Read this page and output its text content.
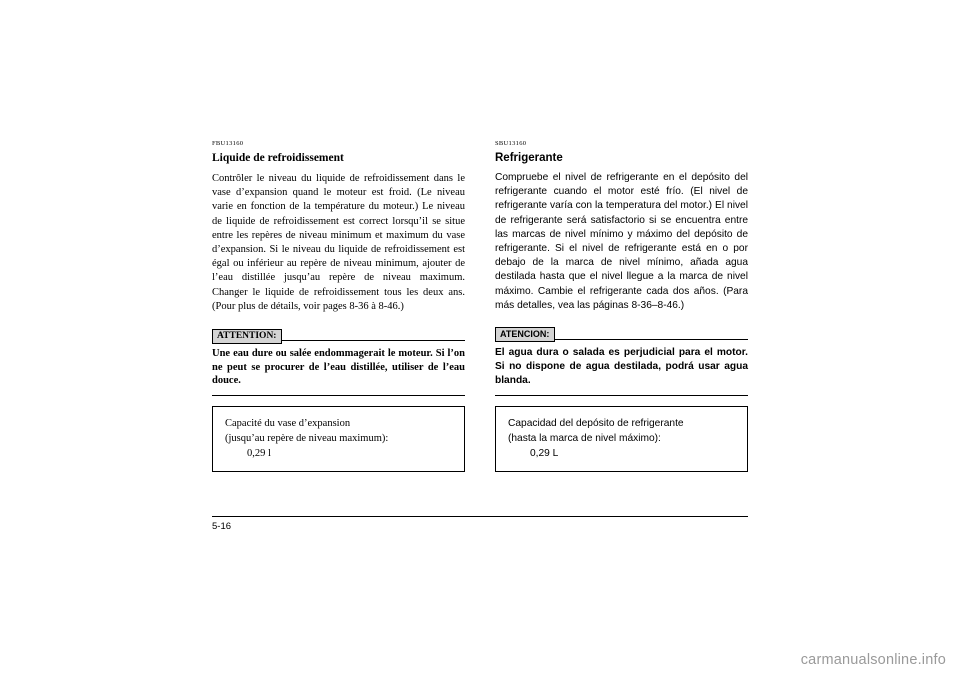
FBU13160
Liquide de refroidissement

Contrôler le niveau du liquide de refroidissement dans le vase d’expansion quand le moteur est froid. (Le niveau varie en fonction de la température du moteur.) Le niveau de liquide de refroidissement est correct lorsqu’il se situe entre les repères de niveau minimum et maximum du vase d’expansion. Si le niveau du liquide de refroidissement est égal ou inférieur au repère de niveau minimum, ajouter de l’eau distillée jusqu’au repère de niveau maximum. Changer le liquide de refroidissement tous les deux ans. (Pour plus de détails, voir pages 8-36 à 8-46.)

ATTENTION:

Une eau dure ou salée endommagerait le moteur. Si l’on ne peut se procurer de l’eau distillée, utiliser de l’eau douce.

Capacité du vase d’expansion
(jusqu’au repère de niveau maximum):
0,29 l
SBU13160
Refrigerante

Compruebe el nivel de refrigerante en el depósito del refrigerante cuando el motor esté frío. (El nivel de refrigerante varía con la temperatura del motor.) El nivel de refrigerante será satisfactorio si se encuentra entre las marcas de nivel mínimo y máximo del depósito de refrigerante. Si el nivel de refrigerante está en o por debajo de la marca de nivel mínimo, añada agua destilada hasta que el nivel llegue a la marca de nivel máximo. Cambie el refrigerante cada dos años. (Para más detalles, vea las páginas 8-36–8-46.)

ATENCION:

El agua dura o salada es perjudicial para el motor. Si no dispone de agua destilada, podrá usar agua blanda.

Capacidad del depósito de refrigerante
(hasta la marca de nivel máximo):
0,29 L
5-16
carmanualsonline.info
